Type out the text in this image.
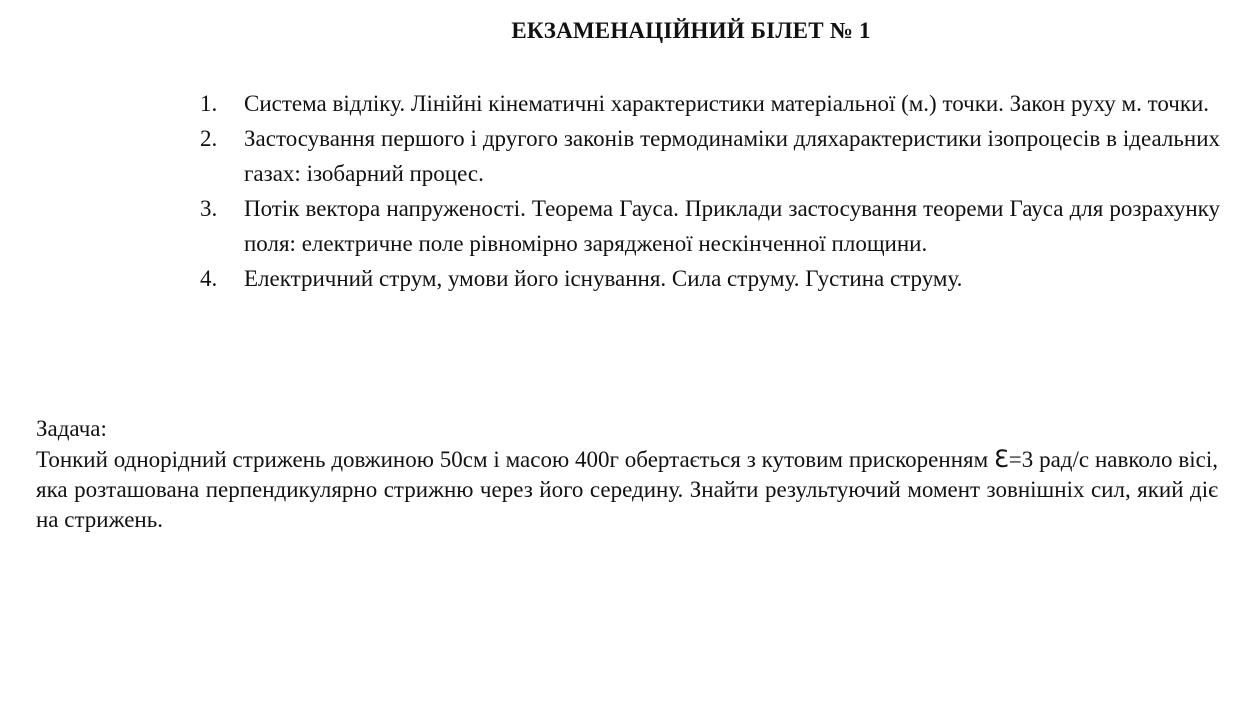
ЕКЗАМЕНАЦІЙНИЙ БІЛЕТ № 1
1.	Система відліку. Лінійні кінематичні характеристики матеріальної (м.) точки. Закон руху м. точки.
2.	Застосування першого і другого законів термодинаміки дляхарактеристики ізопроцесів в ідеальних газах: ізобарний процес.
3.	Потік вектора напруженості. Теорема Гауса. Приклади застосування теореми Гауса для розрахунку поля: електричне поле рівномірно зарядженої нескінченної площини.
4.	Електричний струм, умови його існування. Сила струму. Густина струму.

Задача:

Тонкий однорідний стрижень довжиною 50см і масою 400г обертається з кутовим прискоренням Ɛ=3 рад/с навколо вісі, яка розташована перпендикулярно стрижню через його середину. Знайти результуючий момент зовнішніх сил, який діє на стрижень.
